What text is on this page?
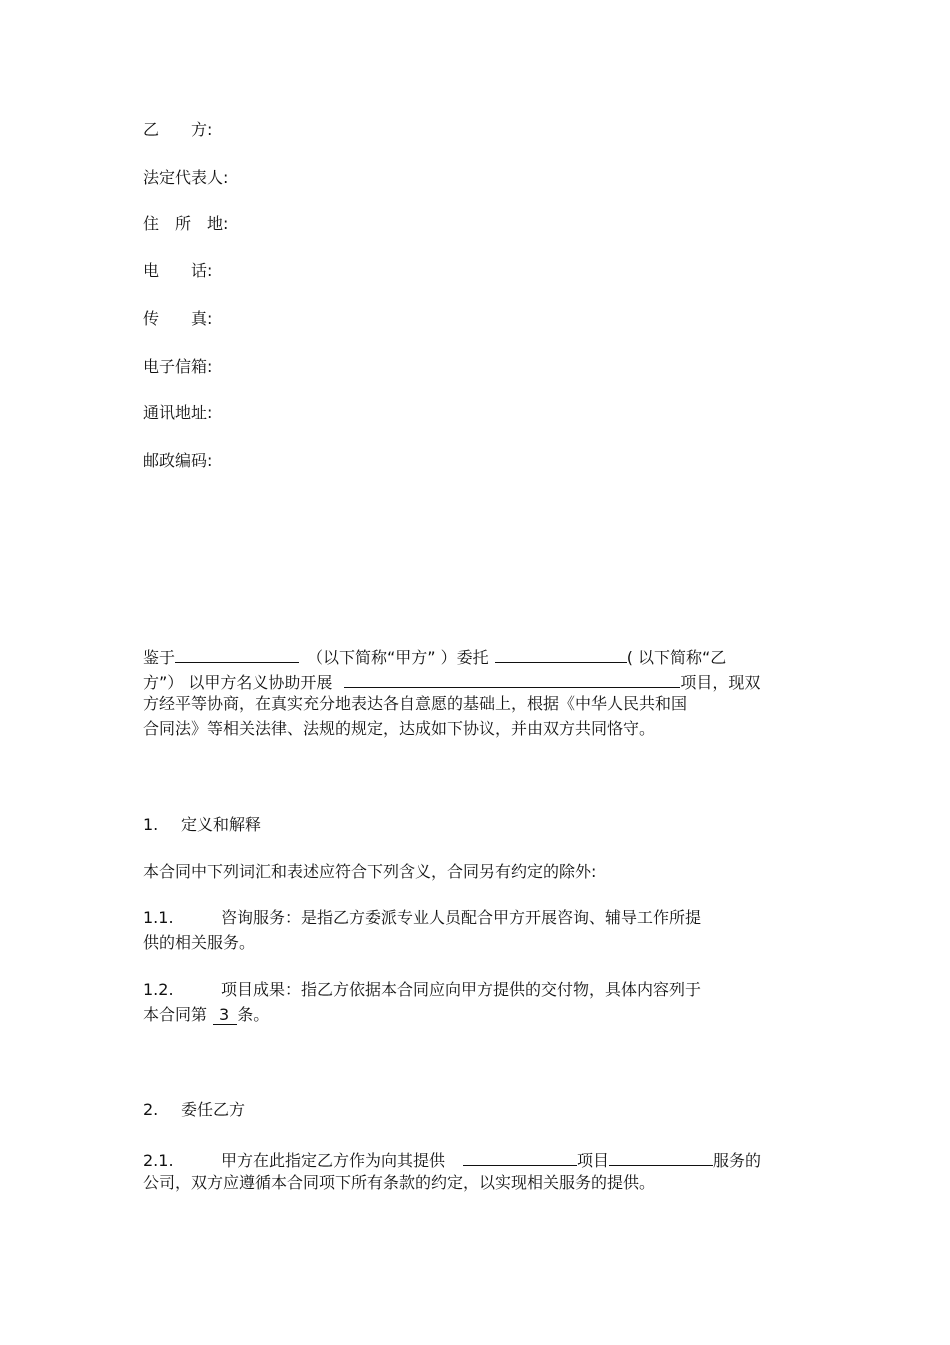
乙　　方:
法定代表人:
住　所　地:
电　　话:
传　　真:
电子信箱:
通讯地址:
邮政编码:
鉴于	（以下简称“甲方” ）委托	( 以下简称“乙
方”） 以甲方名义协助开展	项目，现双
方经平等协商，在真实充分地表达各自意愿的基础上，根据《中华人民共和国
合同法》等相关法律、法规的规定，达成如下协议，并由双方共同恪守。
1. 定义和解释
本合同中下列词汇和表述应符合下列含义，合同另有约定的除外:
1.1.	咨询服务：是指乙方委派专业人员配合甲方开展咨询、辅导工作所提
供的相关服务。
1.2.	项目成果：指乙方依据本合同应向甲方提供的交付物，具体内容列于
本合同第 3 条。
2. 委任乙方
2.1.	甲方在此指定乙方作为向其提供	项目	服务的
公司，双方应遵循本合同项下所有条款的约定，以实现相关服务的提供。
